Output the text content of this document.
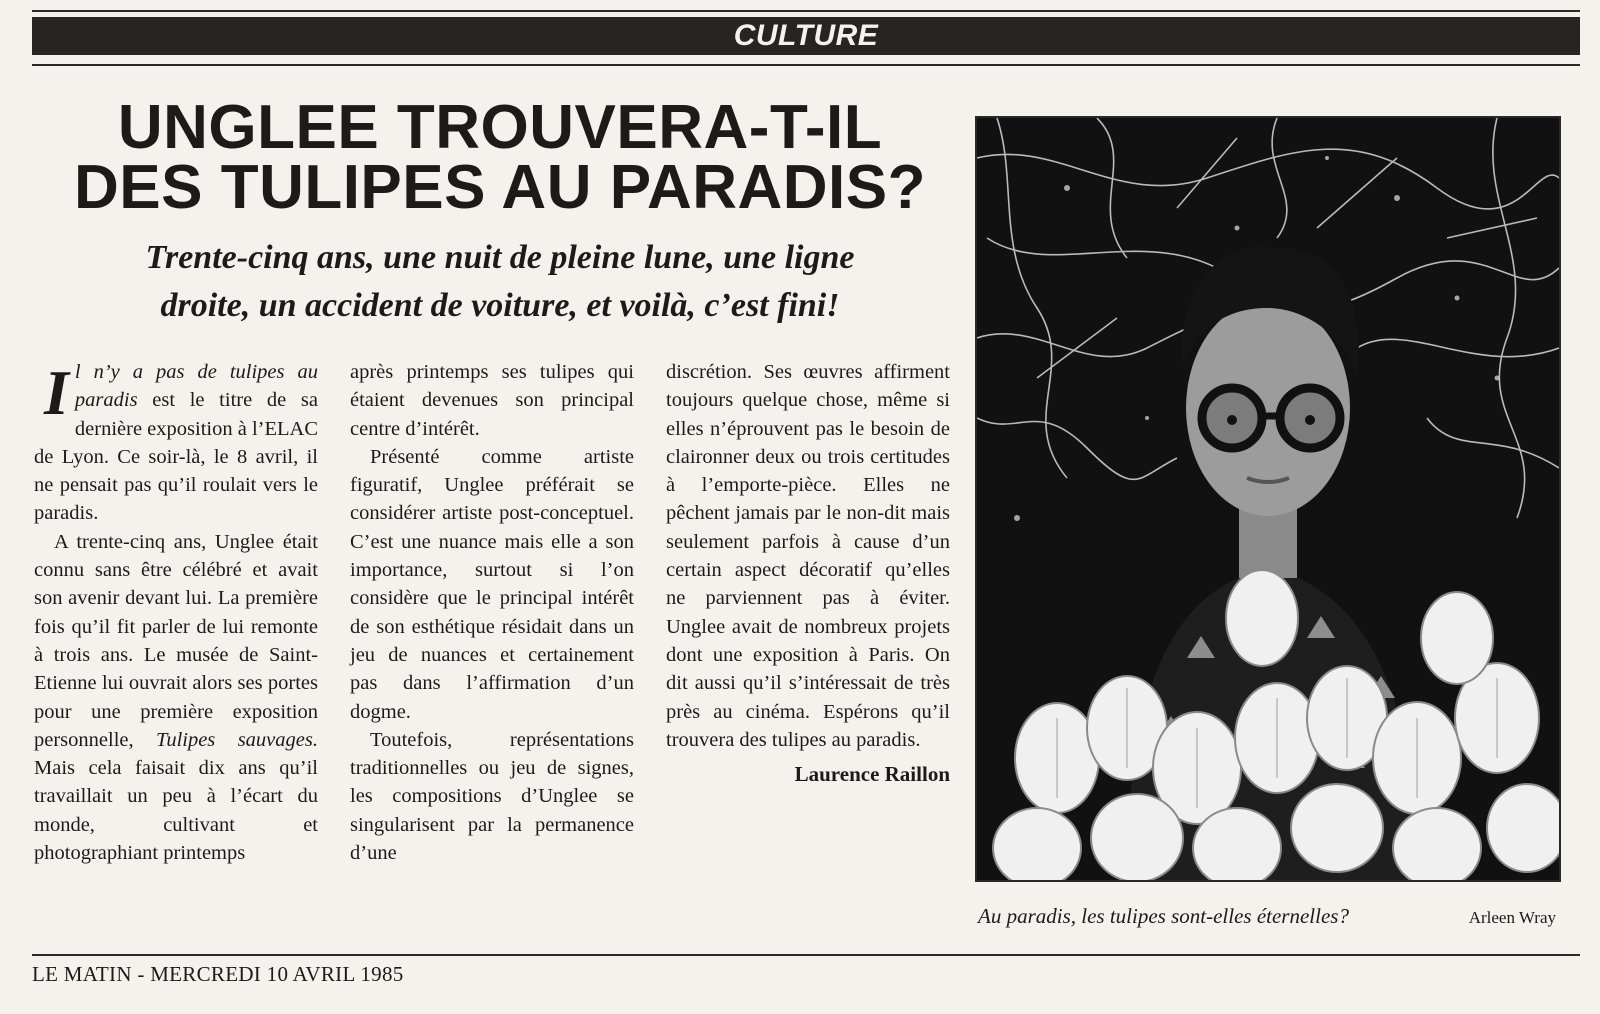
CULTURE
UNGLEE TROUVERA-T-IL
DES TULIPES AU PARADIS?
Trente-cinq ans, une nuit de pleine lune, une ligne
droite, un accident de voiture, et voilà, c’est fini!

Il n’y a pas de tulipes au paradis est le titre de sa dernière exposition à l’ELAC de Lyon. Ce soir-là, le 8 avril, il ne pensait pas qu’il roulait vers le paradis.

A trente-cinq ans, Unglee était connu sans être célébré et avait son avenir devant lui. La première fois qu’il fit parler de lui remonte à trois ans. Le musée de Saint-Etienne lui ouvrait alors ses portes pour une première exposition personnelle, Tulipes sauvages. Mais cela faisait dix ans qu’il travaillait un peu à l’écart du monde, cultivant et photographiant printemps

après printemps ses tulipes qui étaient devenues son principal centre d’intérêt.

Présenté comme artiste figuratif, Unglee préférait se considérer artiste post-conceptuel. C’est une nuance mais elle a son importance, surtout si l’on considère que le principal intérêt de son esthétique résidait dans un jeu de nuances et certainement pas dans l’affirmation d’un dogme.

Toutefois, représentations traditionnelles ou jeu de signes, les compositions d’Unglee se singularisent par la permanence d’une

discrétion. Ses œuvres affirment toujours quelque chose, même si elles n’éprouvent pas le besoin de claironner deux ou trois certitudes à l’emporte-pièce. Elles ne pêchent jamais par le non-dit mais seulement parfois à cause d’un certain aspect décoratif qu’elles ne parviennent pas à éviter. Unglee avait de nombreux projets dont une exposition à Paris. On dit aussi qu’il s’intéressait de très près au cinéma. Espérons qu’il trouvera des tulipes au paradis.

Laurence Raillon

Au paradis, les tulipes sont-elles éternelles?	Arleen Wray
LE MATIN - MERCREDI 10 AVRIL 1985
